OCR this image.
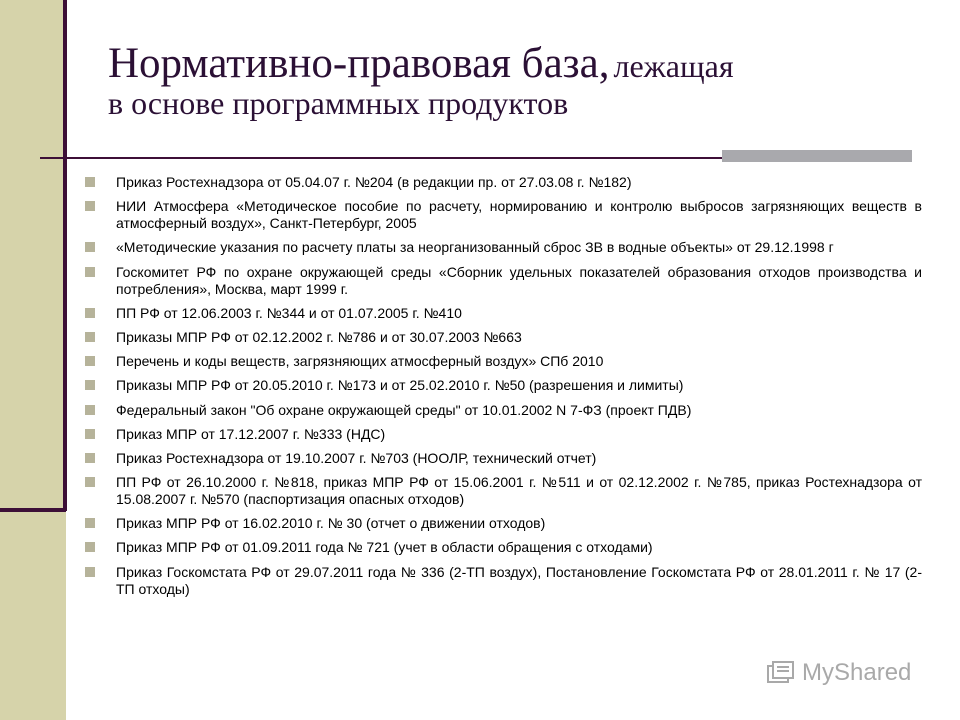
Нормативно-правовая база, лежащая
в основе программных продуктов
Приказ Ростехнадзора от 05.04.07 г. №204 (в редакции пр. от 27.03.08 г. №182)
НИИ Атмосфера «Методическое пособие по расчету, нормированию и контролю выбросов загрязняющих веществ в атмосферный воздух», Санкт-Петербург, 2005
«Методические указания по расчету платы за неорганизованный сброс ЗВ в водные объекты» от 29.12.1998 г
Госкомитет РФ по охране окружающей среды «Сборник удельных показателей образования отходов производства и потребления», Москва, март 1999 г.
ПП РФ от 12.06.2003 г. №344 и от 01.07.2005 г. №410
Приказы МПР РФ от 02.12.2002 г. №786 и от 30.07.2003 №663
Перечень и коды веществ, загрязняющих атмосферный воздух» СПб 2010
Приказы МПР РФ от 20.05.2010 г. №173 и от 25.02.2010 г. №50 (разрешения и лимиты)
Федеральный закон "Об охране окружающей среды" от 10.01.2002 N 7-ФЗ (проект ПДВ)
Приказ МПР от 17.12.2007 г. №333 (НДС)
Приказ Ростехнадзора от 19.10.2007 г. №703 (НООЛР, технический отчет)
ПП РФ от 26.10.2000 г. №818, приказ МПР РФ от 15.06.2001 г. №511 и от 02.12.2002 г. №785, приказ Ростехнадзора от 15.08.2007 г. №570 (паспортизация опасных отходов)
Приказ МПР РФ от 16.02.2010 г. № 30 (отчет о движении отходов)
Приказ МПР РФ от 01.09.2011 года № 721 (учет в области обращения с отходами)
Приказ Госкомстата РФ от 29.07.2011 года № 336 (2-ТП воздух), Постановление Госкомстата РФ от 28.01.2011 г. № 17 (2-ТП отходы)
MyShared
